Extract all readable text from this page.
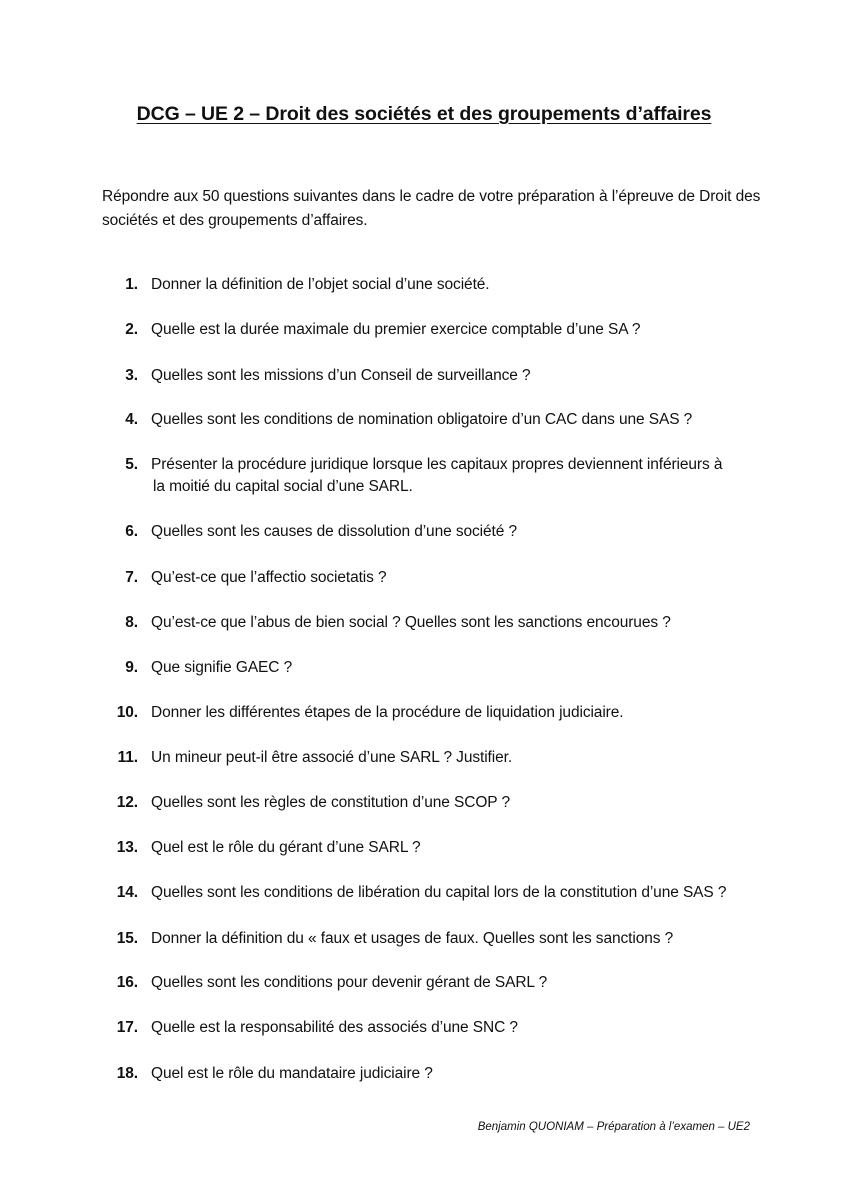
DCG – UE 2 – Droit des sociétés et des groupements d’affaires
Répondre aux 50 questions suivantes dans le cadre de votre préparation à l’épreuve de Droit des sociétés et des groupements d’affaires.
1. Donner la définition de l’objet social d’une société.
2. Quelle est la durée maximale du premier exercice comptable d’une SA ?
3. Quelles sont les missions d’un Conseil de surveillance ?
4. Quelles sont les conditions de nomination obligatoire d’un CAC dans une SAS ?
5. Présenter la procédure juridique lorsque les capitaux propres deviennent inférieurs à
la moitié du capital social d’une SARL.
6. Quelles sont les causes de dissolution d’une société ?
7. Qu’est-ce que l’affectio societatis ?
8. Qu’est-ce que l’abus de bien social ? Quelles sont les sanctions encourues ?
9. Que signifie GAEC ?
10. Donner les différentes étapes de la procédure de liquidation judiciaire.
11. Un mineur peut-il être associé d’une SARL ? Justifier.
12. Quelles sont les règles de constitution d’une SCOP ?
13. Quel est le rôle du gérant d’une SARL ?
14. Quelles sont les conditions de libération du capital lors de la constitution d’une SAS ?
15. Donner la définition du « faux et usages de faux. Quelles sont les sanctions ?
16. Quelles sont les conditions pour devenir gérant de SARL ?
17. Quelle est la responsabilité des associés d’une SNC ?
18. Quel est le rôle du mandataire judiciaire ?
Benjamin QUONIAM – Préparation à l’examen – UE2
